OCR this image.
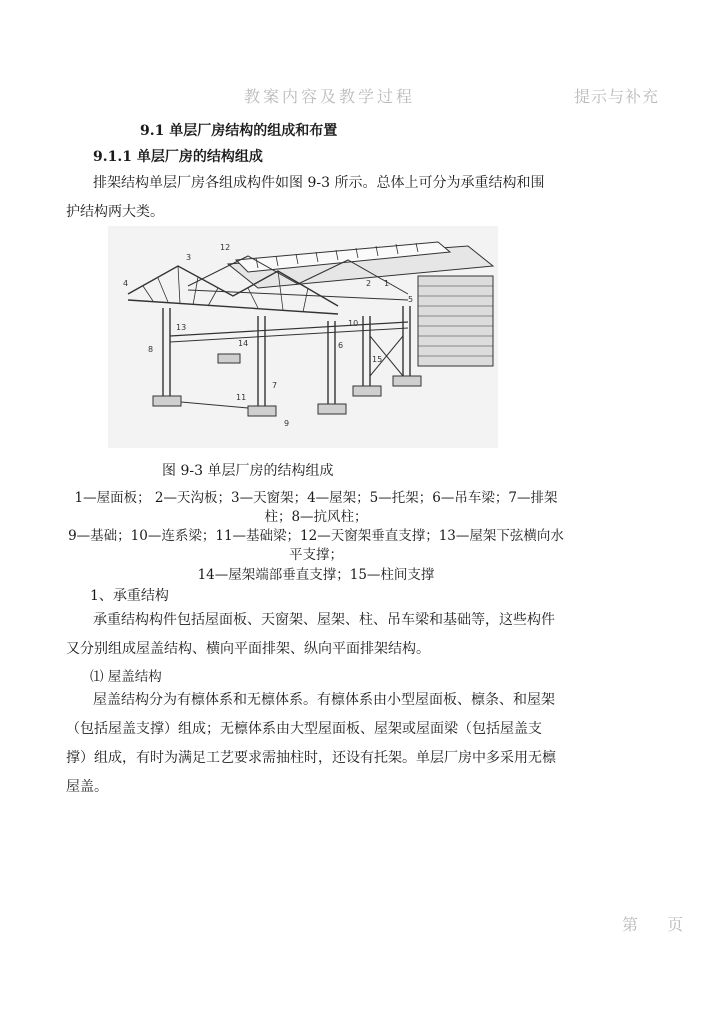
教案内容及教学过程	提示与补充
9.1 单层厂房结构的组成和布置
9.1.1 单层厂房的结构组成
排架结构单层厂房各组成构件如图 9-3 所示。总体上可分为承重结构和围护结构两大类。
12
3
4	1
5
2
13	10
14	6
8
15
7
11
9
图 9-3 单层厂房的结构组成
1—屋面板； 2—天沟板；3—天窗架；4—屋架；5—托架；6—吊车梁；7—排架柱；8—抗风柱；
9—基础；10—连系梁；11—基础梁；12—天窗架垂直支撑；13—屋架下弦横向水平支撑；
14—屋架端部垂直支撑；15—柱间支撑
1、承重结构
承重结构构件包括屋面板、天窗架、屋架、柱、吊车梁和基础等，这些构件又分别组成屋盖结构、横向平面排架、纵向平面排架结构。
⑴ 屋盖结构
屋盖结构分为有檩体系和无檩体系。有檩体系由小型屋面板、檩条、和屋架（包括屋盖支撑）组成；无檩体系由大型屋面板、屋架或屋面梁（包括屋盖支撑）组成，有时为满足工艺要求需抽柱时，还设有托架。单层厂房中多采用无檩屋盖。
第 页
